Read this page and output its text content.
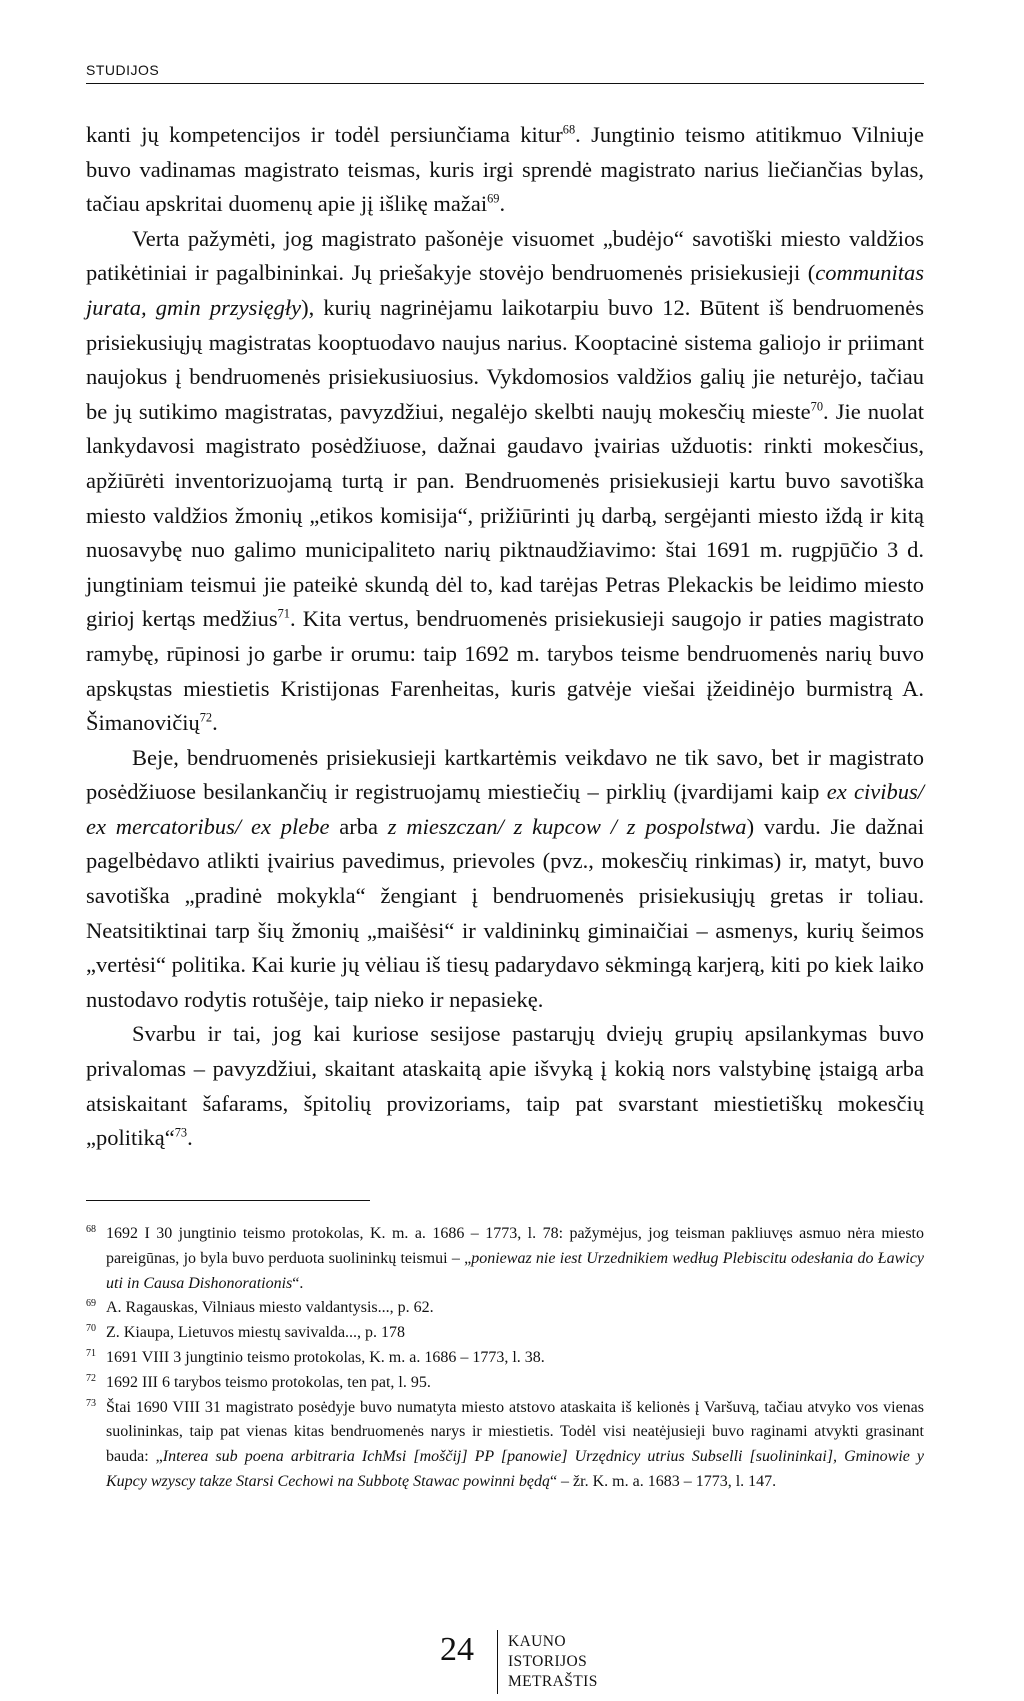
STUDIJOS

kanti jų kompetencijos ir todėl persiunčiama kitur$^{68}$. Jungtinio teismo atitikmuo Vilniuje buvo vadinamas magistrato teismas, kuris irgi sprendė magistrato narius liečiančias bylas, tačiau apskritai duomenų apie jį išlikę mažai$^{69}$.

Verta pažymėti, jog magistrato pašonėje visuomet „budėjo“ savotiški miesto valdžios patikėtiniai ir pagalbininkai. Jų priešakyje stovėjo bendruomenės prisiekusieji (communitas jurata, gmin przysięgły), kurių nagrinėjamu laikotarpiu buvo 12. Būtent iš bendruomenės prisiekusiųjų magistratas kooptuodavo naujus narius. Kooptacinė sistema galiojo ir priimant naujokus į bendruomenės prisiekusiuosius. Vykdomosios valdžios galių jie neturėjo, tačiau be jų sutikimo magistratas, pavyzdžiui, negalėjo skelbti naujų mokesčių mieste$^{70}$. Jie nuolat lankydavosi magistrato posėdžiuose, dažnai gaudavo įvairias užduotis: rinkti mokesčius, apžiūrėti inventorizuojamą turtą ir pan. Bendruomenės prisiekusieji kartu buvo savotiška miesto valdžios žmonių „etikos komisija“, prižiūrinti jų darbą, sergėjanti miesto iždą ir kitą nuosavybę nuo galimo municipaliteto narių piktnaudžiavimo: štai 1691 m. rugpjūčio 3 d. jungtiniam teismui jie pateikė skundą dėl to, kad tarėjas Petras Plekackis be leidimo miesto girioj kertąs medžius$^{71}$. Kita vertus, bendruomenės prisiekusieji saugojo ir paties magistrato ramybę, rūpinosi jo garbe ir orumu: taip 1692 m. tarybos teisme bendruomenės narių buvo apskųstas miestietis Kristijonas Farenheitas, kuris gatvėje viešai įžeidinėjo burmistrą A. Šimanovičių$^{72}$.

Beje, bendruomenės prisiekusieji kartkartėmis veikdavo ne tik savo, bet ir magistrato posėdžiuose besilankančių ir registruojamų miestiečių – pirklių (įvardijami kaip ex civibus/ ex mercatoribus/ ex plebe arba z mieszczan/ z kupcow / z pospolstwa) vardu. Jie dažnai pagelbėdavo atlikti įvairius pavedimus, prievoles (pvz., mokesčių rinkimas) ir, matyt, buvo savotiška „pradinė mokykla“ žengiant į bendruomenės prisiekusiųjų gretas ir toliau. Neatsitiktinai tarp šių žmonių „maišėsi“ ir valdininkų giminaičiai – asmenys, kurių šeimos „vertėsi“ politika. Kai kurie jų vėliau iš tiesų padarydavo sėkmingą karjerą, kiti po kiek laiko nustodavo rodytis rotušėje, taip nieko ir nepasiekę.

Svarbu ir tai, jog kai kuriose sesijose pastarųjų dviejų grupių apsilankymas buvo privalomas – pavyzdžiui, skaitant ataskaitą apie išvyką į kokią nors valstybinę įstaigą arba atsiskaitant šafarams, špitolių provizoriams, taip pat svarstant miestietiškų mokesčių „politiką“$^{73}$.

68 1692 I 30 jungtinio teismo protokolas, K. m. a. 1686 – 1773, l. 78: pažymėjus, jog teisman pakliuvęs asmuo nėra miesto pareigūnas, jo byla buvo perduota suolininkų teismui – „poniewaz nie iest Urzednikiem według Plebiscitu odesłania do Ławicy uti in Causa Dishonorationis“.
69 A. Ragauskas, Vilniaus miesto valdantysis..., p. 62.
70 Z. Kiaupa, Lietuvos miestų savivalda..., p. 178
71 1691 VIII 3 jungtinio teismo protokolas, K. m. a. 1686 – 1773, l. 38.
72 1692 III 6 tarybos teismo protokolas, ten pat, l. 95.
73 Štai 1690 VIII 31 magistrato posėdyje buvo numatyta miesto atstovo ataskaita iš kelionės į Varšuvą, tačiau atvyko vos vienas suolininkas, taip pat vienas kitas bendruomenės narys ir miestietis. Todėl visi neatėjusieji buvo raginami atvykti grasinant bauda: „Interea sub poena arbitraria IchMsi [moščij] PP [panowie] Urzędnicy utrius Subselli [suolininkai], Gminowie y Kupcy wzyscy takze Starsi Cechowi na Subbotę Stawac powinni będą“ – žr. K. m. a. 1683 – 1773, l. 147.
24 KAUNO
ISTORIJOS
METRAŠTIS
